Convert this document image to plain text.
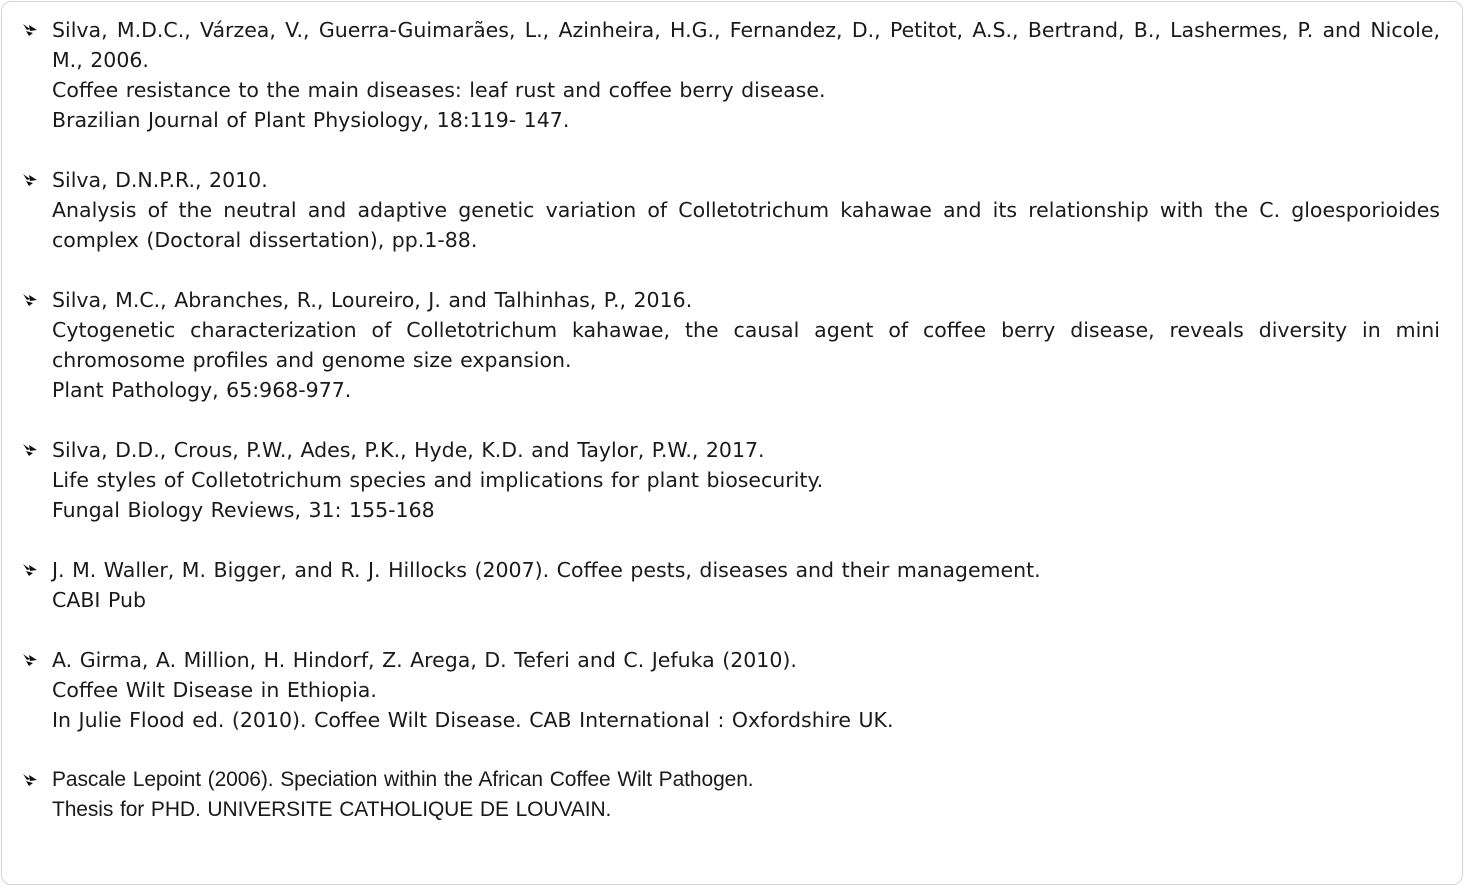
Silva, M.D.C., Várzea, V., Guerra-Guimarães, L., Azinheira, H.G., Fernandez, D., Petitot, A.S., Bertrand, B., Lashermes, P. and Nicole, M., 2006.
Coffee resistance to the main diseases: leaf rust and coffee berry disease.
Brazilian Journal of Plant Physiology, 18:119- 147.
Silva, D.N.P.R., 2010.
Analysis of the neutral and adaptive genetic variation of Colletotrichum kahawae and its relationship with the C. gloesporioides complex (Doctoral dissertation), pp.1-88.
Silva, M.C., Abranches, R., Loureiro, J. and Talhinhas, P., 2016.
Cytogenetic characterization of Colletotrichum kahawae, the causal agent of coffee berry disease, reveals diversity in mini chromosome profiles and genome size expansion.
Plant Pathology, 65:968-977.
Silva, D.D., Crous, P.W., Ades, P.K., Hyde, K.D. and Taylor, P.W., 2017.
Life styles of Colletotrichum species and implications for plant biosecurity.
Fungal Biology Reviews, 31: 155-168
J. M. Waller, M. Bigger, and R. J. Hillocks (2007). Coffee pests, diseases and their management.
CABI Pub
A. Girma, A. Million, H. Hindorf, Z. Arega, D. Teferi and C. Jefuka (2010).
Coffee Wilt Disease in Ethiopia.
In Julie Flood ed. (2010). Coffee Wilt Disease. CAB International : Oxfordshire UK.
Pascale Lepoint (2006). Speciation within the African Coffee Wilt Pathogen.
Thesis for PHD. UNIVERSITE CATHOLIQUE DE LOUVAIN.
